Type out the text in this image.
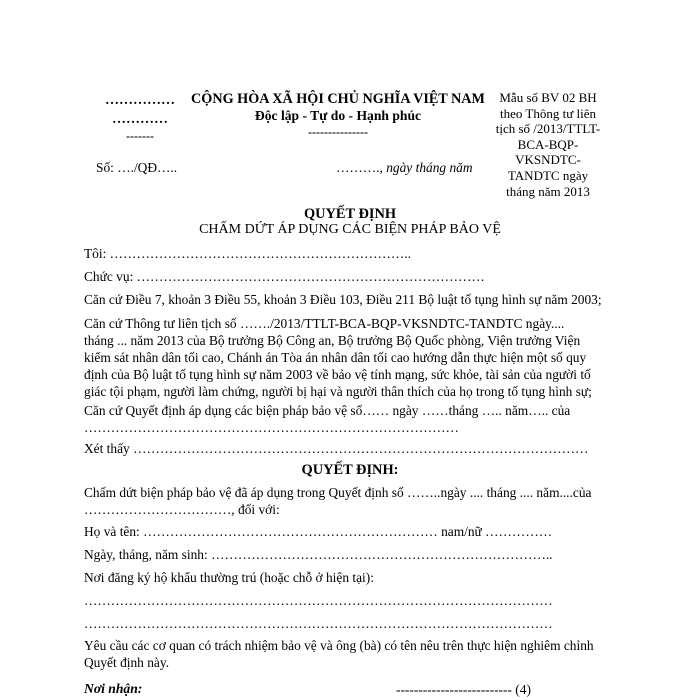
……………
…………
-------
Số: …./QĐ…..
CỘNG HÒA XÃ HỘI CHỦ NGHĨA VIỆT NAM
Độc lập - Tự do - Hạnh phúc
---------------
………., ngày tháng năm
Mẫu số BV 02 BH
theo Thông tư liên
tịch số /2013/TTLT-
BCA-BQP-
VKSNDTC-
TANDTC ngày
tháng năm 2013
QUYẾT ĐỊNH
CHẤM DỨT ÁP DỤNG CÁC BIỆN PHÁP BẢO VỆ
Tôi: …………………………………………………………..
Chức vụ: ……………………………………………………………………
Căn cứ Điều 7, khoản 3 Điều 55, khoản 3 Điều 103, Điều 211 Bộ luật tố tụng hình sự năm 2003;
Căn cứ Thông tư liên tịch số ……./2013/TTLT-BCA-BQP-VKSNDTC-TANDTC ngày....
tháng ... năm 2013 của Bộ trưởng Bộ Công an, Bộ trưởng Bộ Quốc phòng, Viện trưởng Viện
kiểm sát nhân dân tối cao, Chánh án Tòa án nhân dân tối cao hướng dẫn thực hiện một số quy
định của Bộ luật tố tụng hình sự năm 2003 về bảo vệ tính mạng, sức khỏe, tài sản của người tố
giác tội phạm, người làm chứng, người bị hại và người thân thích của họ trong tố tụng hình sự;
Căn cứ Quyết định áp dụng các biện pháp bảo vệ số…… ngày ……tháng ….. năm….. của
…………………………………………………………………………
Xét thấy …………………………………………………………………………………………
QUYẾT ĐỊNH:
Chấm dứt biện pháp bảo vệ đã áp dụng trong Quyết định số ……..ngày .... tháng .... năm....của
……………………………, đối với:
Họ và tên: ………………………………………………………… nam/nữ ……………
Ngày, tháng, năm sinh: …………………………………………………………………..
Nơi đăng ký hộ khẩu thường trú (hoặc chỗ ở hiện tại):
……………………………………………………………………………………………
……………………………………………………………………………………………
Yêu cầu các cơ quan có trách nhiệm bảo vệ và ông (bà) có tên nêu trên thực hiện nghiêm chỉnh
Quyết định này.
Nơi nhận:	-------------------------- (4)
